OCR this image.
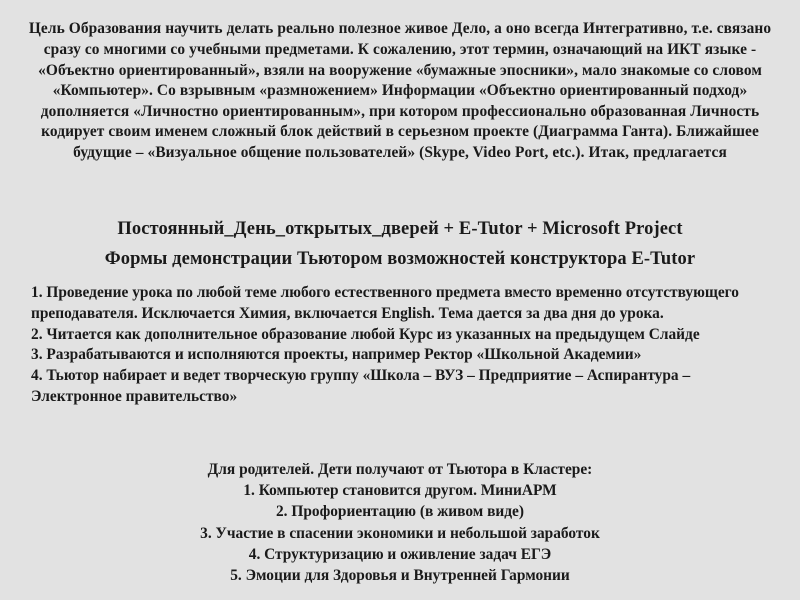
Цель Образования научить делать реально полезное живое Дело, а оно всегда Интегративно, т.е. связано сразу со многими со учебными предметами. К сожалению, этот термин, означающий на ИКТ языке - «Объектно ориентированный», взяли на вооружение «бумажные эпосники», мало знакомые со словом «Компьютер». Со взрывным «размножением» Информации «Объектно ориентированный подход» дополняется «Личностно ориентированным», при котором профессионально образованная Личность кодирует своим именем сложный блок действий в серьезном проекте (Диаграмма Ганта). Ближайшее будущие – «Визуальное общение пользователей» (Skype, Video Port, etc.). Итак, предлагается

Постоянный_День_открытых_дверей + E-Tutor + Microsoft Project
Формы демонстрации Тьютором возможностей конструктора E-Tutor
1. Проведение урока по любой теме любого естественного предмета вместо временно отсутствующего преподавателя. Исключается Химия, включается English. Тема дается за два дня до урока.
2. Читается как дополнительное образование любой Курс из указанных на предыдущем Слайде
3. Разрабатываются и исполняются проекты, например Ректор «Школьной Академии»
4. Тьютор набирает и ведет творческую группу «Школа – ВУЗ – Предприятие – Аспирантура – Электронное правительство»

Для родителей. Дети получают от Тьютора в Кластере:

1. Компьютер становится другом. МиниАРМ
2. Профориентацию (в живом виде)
3. Участие в спасении экономики и небольшой заработок
4. Структуризацию и оживление задач ЕГЭ
5. Эмоции для Здоровья и Внутренней Гармонии
